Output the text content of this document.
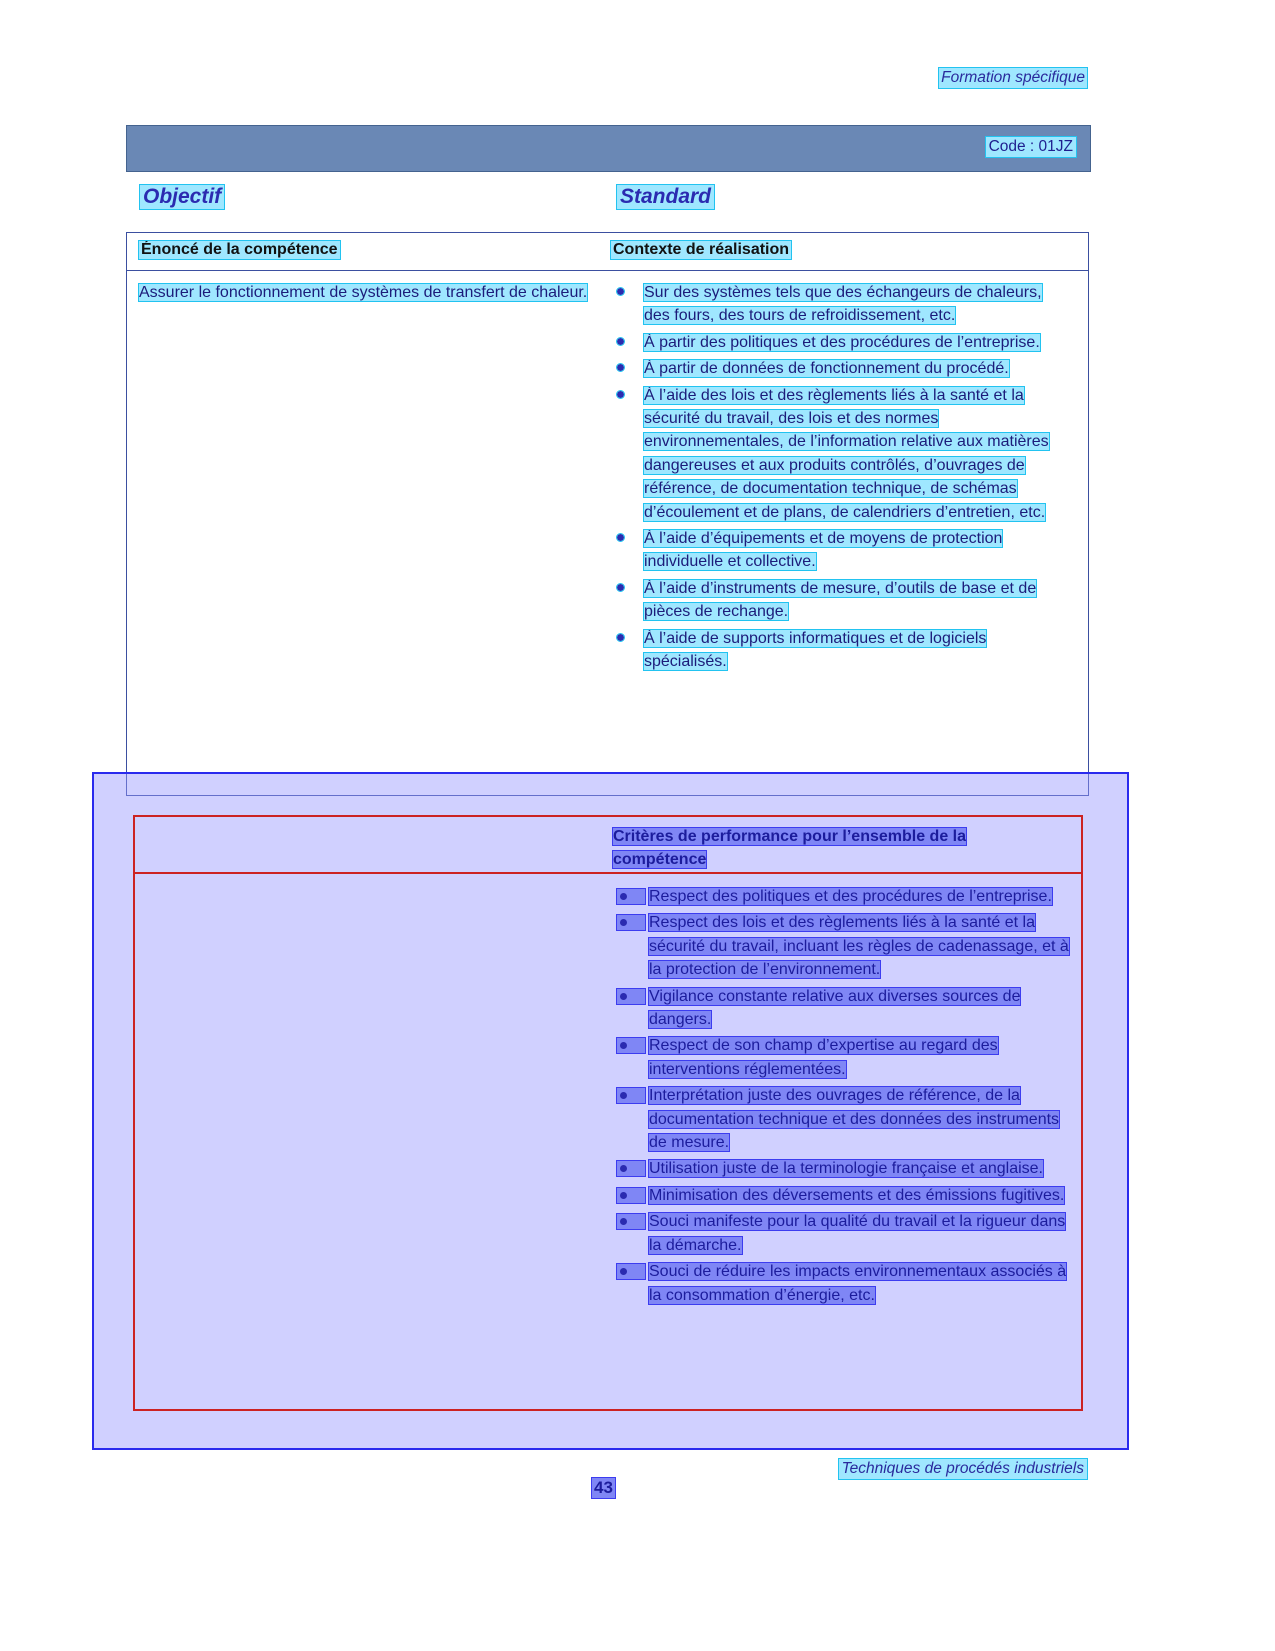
Formation spécifique
Code : 01JZ
Objectif	Standard
Énoncé de la compétence	Contexte de réalisation
Assurer le fonctionnement de systèmes de transfert de chaleur.	Sur des systèmes tels que des échangeurs de chaleurs, des fours, des tours de refroidissement, etc.
À partir des politiques et des procédures de l’entreprise.
À partir de données de fonctionnement du procédé.
À l’aide des lois et des règlements liés à la santé et la sécurité du travail, des lois et des normes environnementales, de l’information relative aux matières dangereuses et aux produits contrôlés, d’ouvrages de référence, de documentation technique, de schémas d’écoulement et de plans, de calendriers d’entretien, etc.
À l’aide d’équipements et de moyens de protection individuelle et collective.
À l’aide d’instruments de mesure, d’outils de base et de pièces de rechange.
À l’aide de supports informatiques et de logiciels spécialisés.
Critères de performance pour l’ensemble de la compétence
Respect des politiques et des procédures de l’entreprise.
Respect des lois et des règlements liés à la santé et la sécurité du travail, incluant les règles de cadenassage, et à la protection de l’environnement.
Vigilance constante relative aux diverses sources de dangers.
Respect de son champ d’expertise au regard des interventions réglementées.
Interprétation juste des ouvrages de référence, de la documentation technique et des données des instruments de mesure.
Utilisation juste de la terminologie française et anglaise.
Minimisation des déversements et des émissions fugitives.
Souci manifeste pour la qualité du travail et la rigueur dans la démarche.
Souci de réduire les impacts environnementaux associés à la consommation d’énergie, etc.
Techniques de procédés industriels
43
